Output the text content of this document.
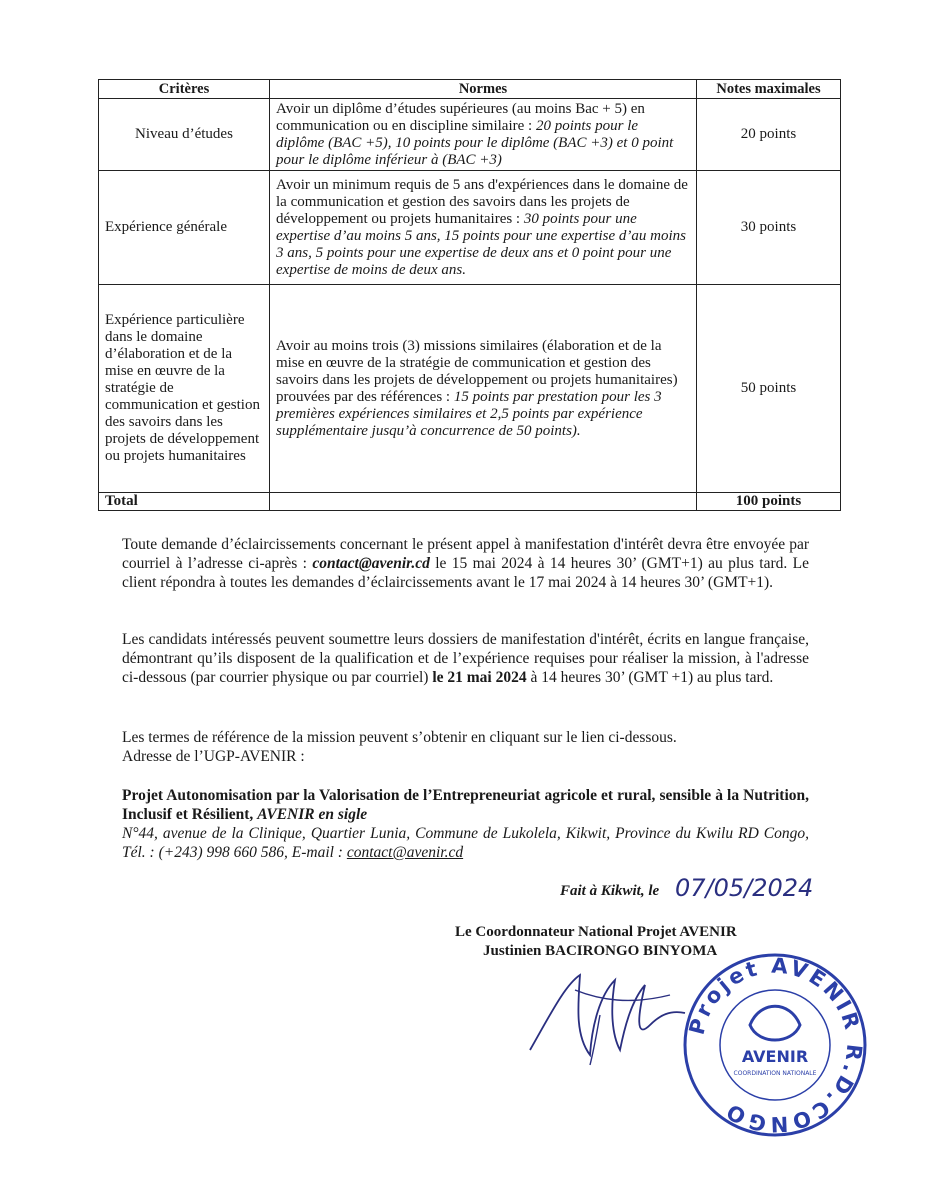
Critères	Normes	Notes maximales
Niveau d’études	Avoir un diplôme d’études supérieures (au moins Bac + 5) en communication ou en discipline similaire : 20 points pour le diplôme (BAC +5), 10 points pour le diplôme (BAC +3) et 0 point pour le diplôme inférieur à (BAC +3)	20 points
Expérience générale	Avoir un minimum requis de 5 ans d'expériences dans le domaine de la communication et gestion des savoirs dans les projets de développement ou projets humanitaires : 30 points pour une expertise d’au moins 5 ans, 15 points pour une expertise d’au moins 3 ans, 5 points pour une expertise de deux ans et 0 point pour une expertise de moins de deux ans.	30 points
Expérience particulière dans le domaine d’élaboration et de la mise en œuvre de la stratégie de communication et gestion des savoirs dans les projets de développement ou projets humanitaires	Avoir au moins trois (3) missions similaires (élaboration et de la mise en œuvre de la stratégie de communication et gestion des savoirs dans les projets de développement ou projets humanitaires) prouvées par des références : 15 points par prestation pour les 3 premières expériences similaires et 2,5 points par expérience supplémentaire jusqu’à concurrence de 50 points).	50 points
Total		100 points

Toute demande d’éclaircissements concernant le présent appel à manifestation d'intérêt devra être envoyée par courriel à l’adresse ci-après : contact@avenir.cd le 15 mai 2024 à 14 heures 30’ (GMT+1) au plus tard. Le client répondra à toutes les demandes d’éclaircissements avant le 17 mai 2024 à 14 heures 30’ (GMT+1).

Les candidats intéressés peuvent soumettre leurs dossiers de manifestation d'intérêt, écrits en langue française, démontrant qu’ils disposent de la qualification et de l’expérience requises pour réaliser la mission, à l'adresse ci-dessous (par courrier physique ou par courriel) le 21 mai 2024 à 14 heures 30’ (GMT +1) au plus tard.

Les termes de référence de la mission peuvent s’obtenir en cliquant sur le lien ci-dessous.
Adresse de l’UGP-AVENIR :

Projet Autonomisation par la Valorisation de l’Entrepreneuriat agricole et rural, sensible à la Nutrition, Inclusif et Résilient, AVENIR en sigle
N°44, avenue de la Clinique, Quartier Lunia, Commune de Lukolela, Kikwit, Province du Kwilu RD Congo, Tél. : (+243) 998 660 586, E-mail : contact@avenir.cd

Fait à Kikwit, le 07/05/2024
Le Coordonnateur National Projet AVENIR
Justinien BACIRONGO BINYOMA
Projet AVENIR R.D.CONGO
AVENIR
COORDINATION NATIONALE
